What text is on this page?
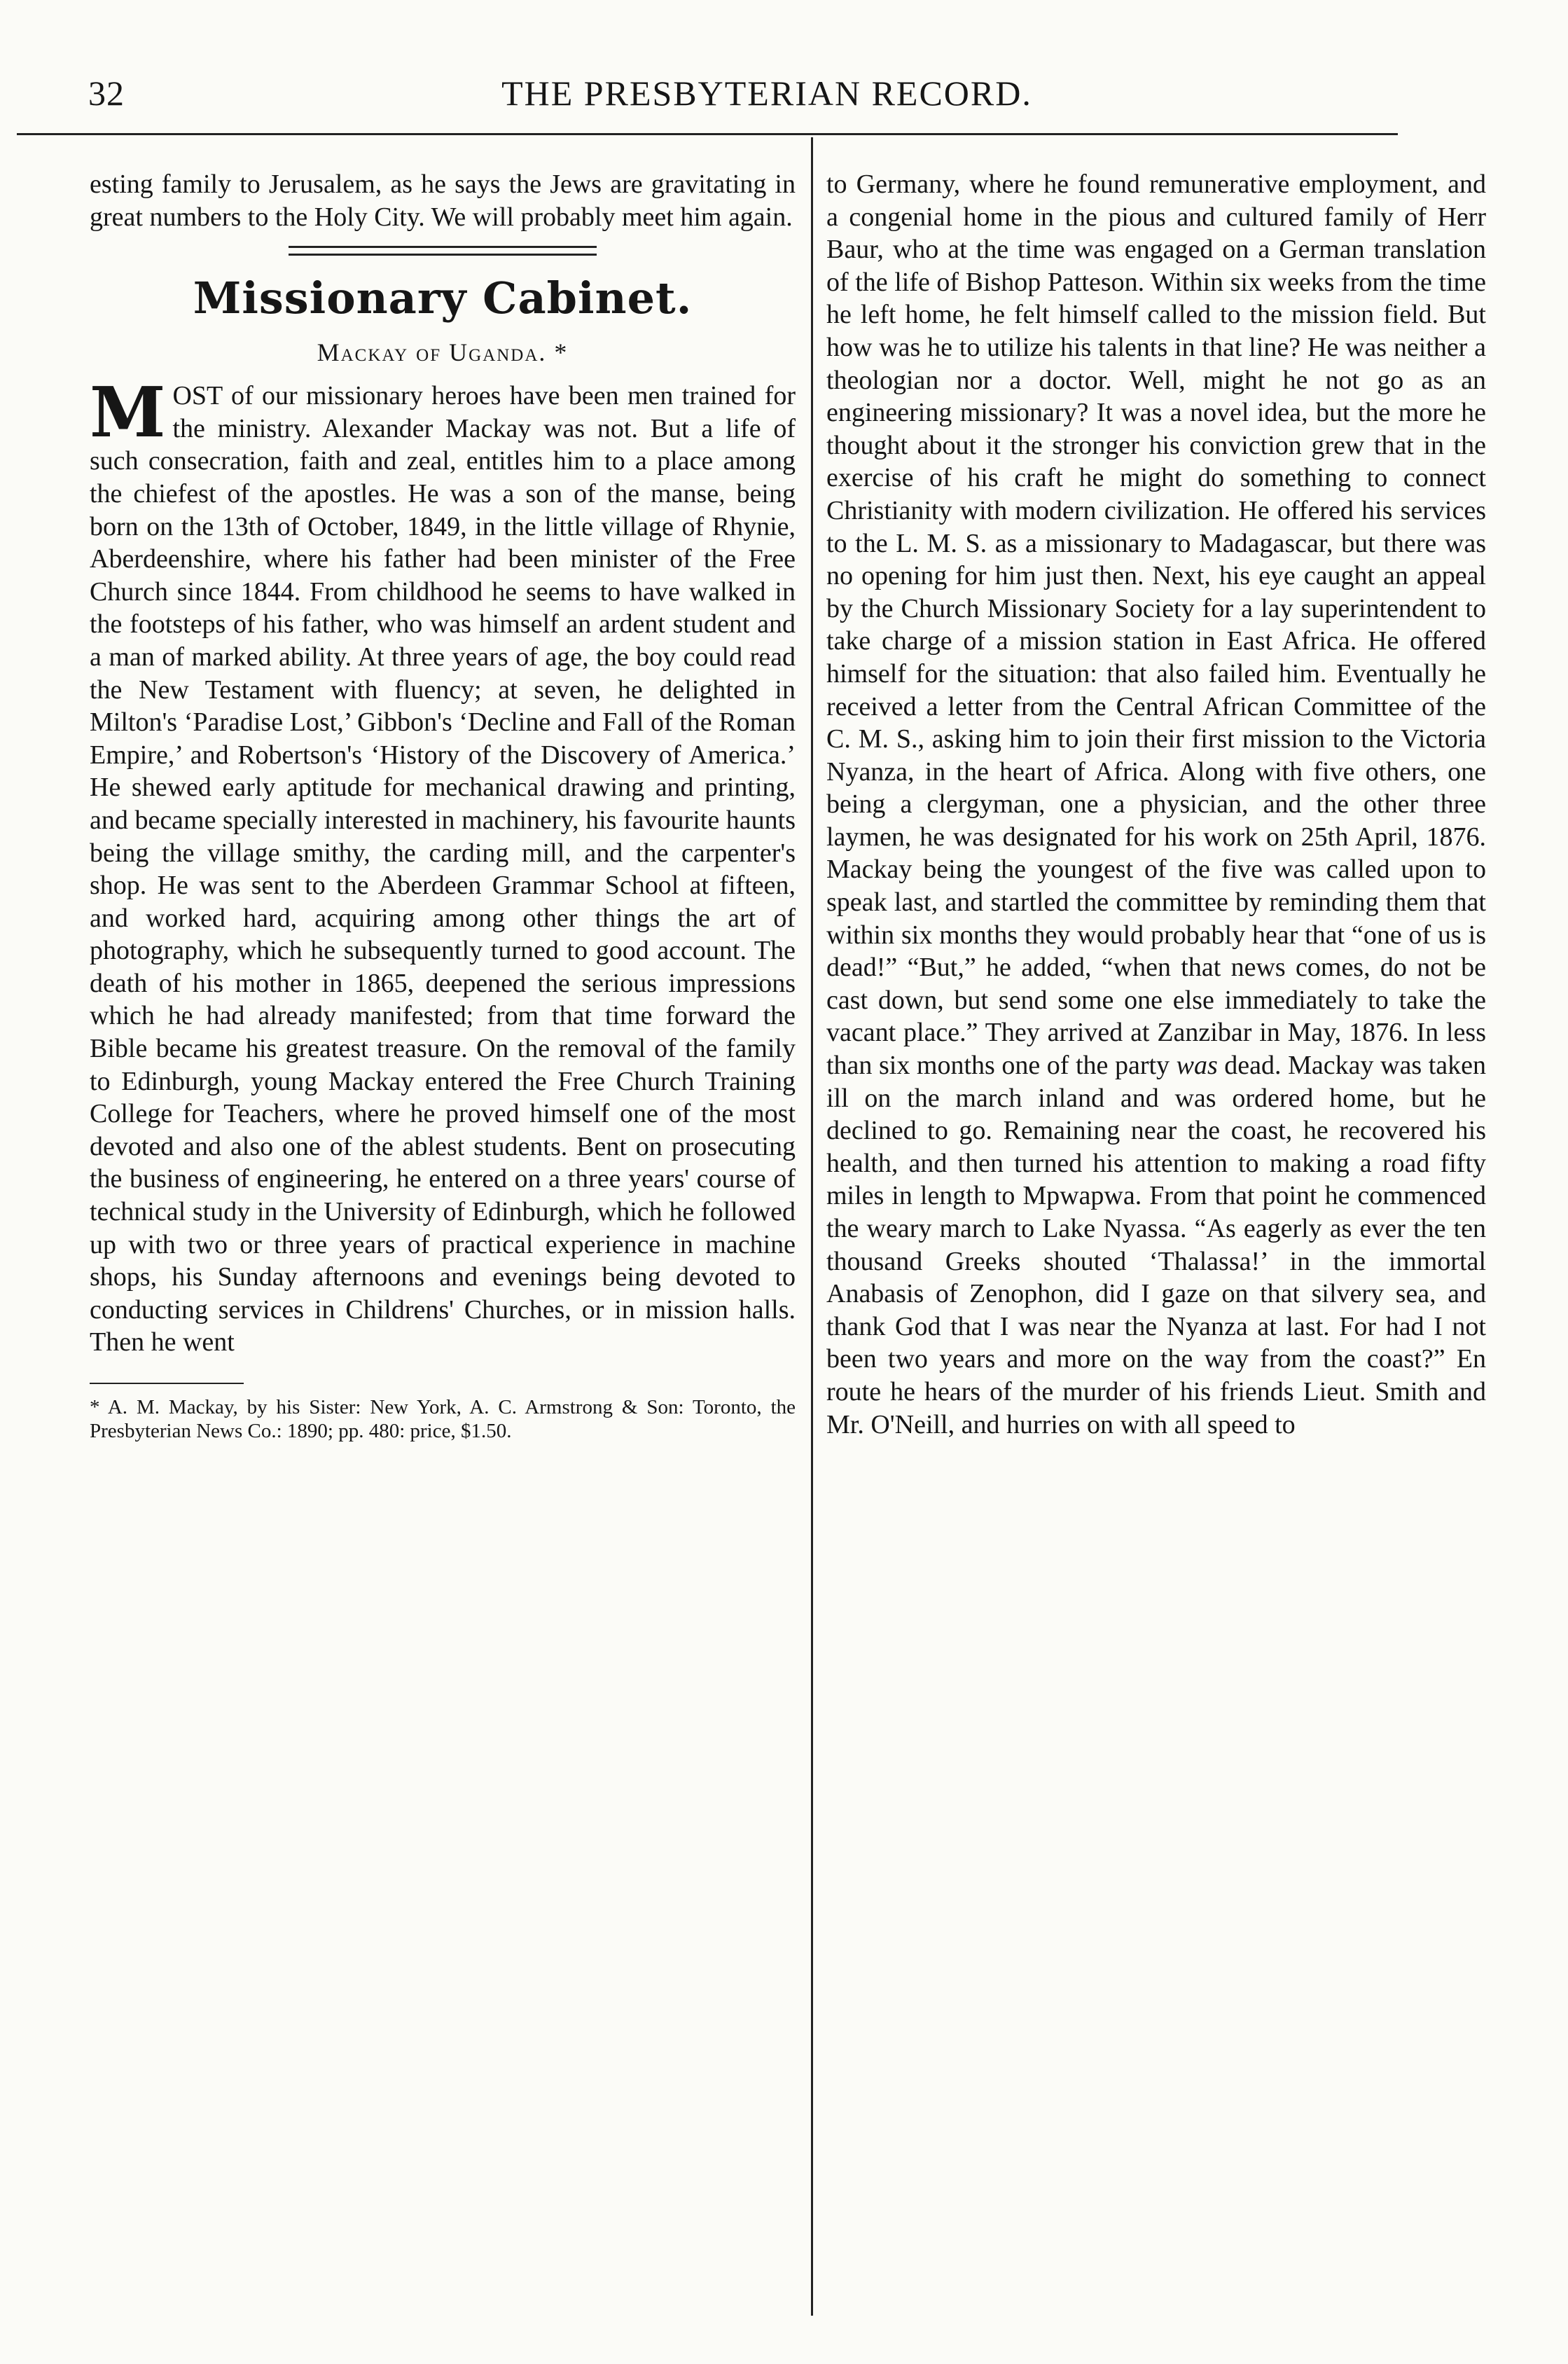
32	THE PRESBYTERIAN RECORD.

esting family to Jerusalem, as he says the Jews are gravitating in great numbers to the Holy City. We will probably meet him again.

Missionary Cabinet.
Mackay of Uganda. *

MOST of our missionary heroes have been men trained for the ministry. Alexander Mackay was not. But a life of such consecration, faith and zeal, entitles him to a place among the chiefest of the apostles. He was a son of the manse, being born on the 13th of October, 1849, in the little village of Rhynie, Aberdeenshire, where his father had been minister of the Free Church since 1844. From childhood he seems to have walked in the footsteps of his father, who was himself an ardent student and a man of marked ability. At three years of age, the boy could read the New Testament with fluency; at seven, he delighted in Milton's ‘Paradise Lost,’ Gibbon's ‘Decline and Fall of the Roman Empire,’ and Robertson's ‘History of the Discovery of America.’ He shewed early aptitude for mechanical drawing and printing, and became specially interested in machinery, his favourite haunts being the village smithy, the carding mill, and the carpenter's shop. He was sent to the Aberdeen Grammar School at fifteen, and worked hard, acquiring among other things the art of photography, which he subsequently turned to good account. The death of his mother in 1865, deepened the serious impressions which he had already manifested; from that time forward the Bible became his greatest treasure. On the removal of the family to Edinburgh, young Mackay entered the Free Church Training College for Teachers, where he proved himself one of the most devoted and also one of the ablest students. Bent on prosecuting the business of engineering, he entered on a three years' course of technical study in the University of Edinburgh, which he followed up with two or three years of practical experience in machine shops, his Sunday afternoons and evenings being devoted to conducting services in Childrens' Churches, or in mission halls. Then he went

* A. M. Mackay, by his Sister: New York, A. C. Armstrong & Son: Toronto, the Presbyterian News Co.: 1890; pp. 480: price, $1.50.

to Germany, where he found remunerative employment, and a congenial home in the pious and cultured family of Herr Baur, who at the time was engaged on a German translation of the life of Bishop Patteson. Within six weeks from the time he left home, he felt himself called to the mission field. But how was he to utilize his talents in that line? He was neither a theologian nor a doctor. Well, might he not go as an engineering missionary? It was a novel idea, but the more he thought about it the stronger his conviction grew that in the exercise of his craft he might do something to connect Christianity with modern civilization. He offered his services to the L. M. S. as a missionary to Madagascar, but there was no opening for him just then. Next, his eye caught an appeal by the Church Missionary Society for a lay superintendent to take charge of a mission station in East Africa. He offered himself for the situation: that also failed him. Eventually he received a letter from the Central African Committee of the C. M. S., asking him to join their first mission to the Victoria Nyanza, in the heart of Africa. Along with five others, one being a clergyman, one a physician, and the other three laymen, he was designated for his work on 25th April, 1876. Mackay being the youngest of the five was called upon to speak last, and startled the committee by reminding them that within six months they would probably hear that “one of us is dead!” “But,” he added, “when that news comes, do not be cast down, but send some one else immediately to take the vacant place.” They arrived at Zanzibar in May, 1876. In less than six months one of the party was dead. Mackay was taken ill on the march inland and was ordered home, but he declined to go. Remaining near the coast, he recovered his health, and then turned his attention to making a road fifty miles in length to Mpwapwa. From that point he commenced the weary march to Lake Nyassa. “As eagerly as ever the ten thousand Greeks shouted ‘Thalassa!’ in the immortal Anabasis of Zenophon, did I gaze on that silvery sea, and thank God that I was near the Nyanza at last. For had I not been two years and more on the way from the coast?” En route he hears of the murder of his friends Lieut. Smith and Mr. O'Neill, and hurries on with all speed to
